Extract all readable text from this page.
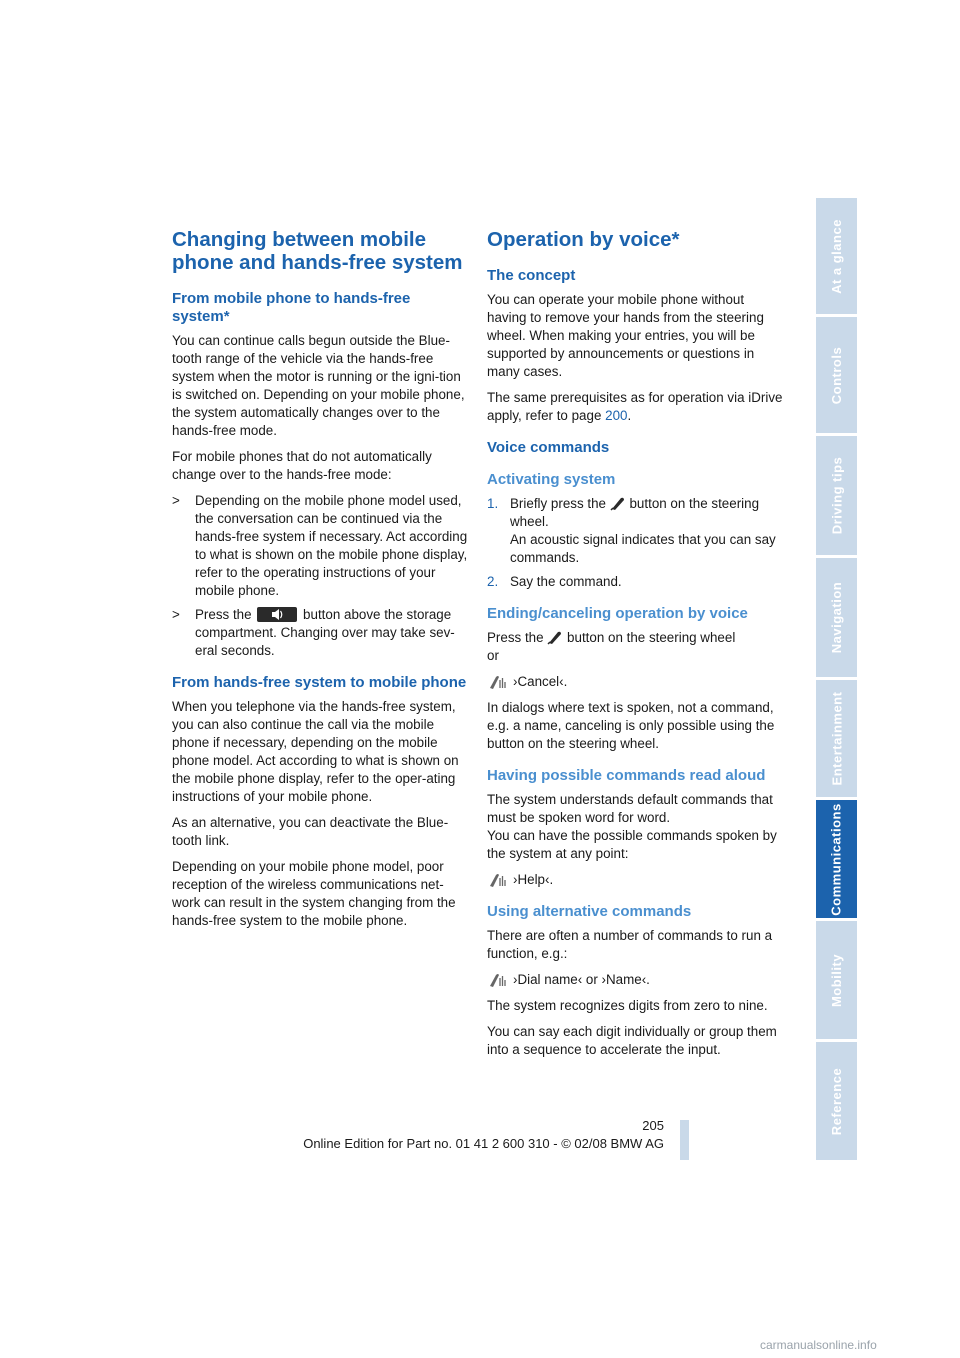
Changing between mobile phone and hands-free system
From mobile phone to hands-free system*

You can continue calls begun outside the Blue-tooth range of the vehicle via the hands-free system when the motor is running or the igni-tion is switched on. Depending on your mobile phone, the system automatically changes over to the hands-free mode.

For mobile phones that do not automatically change over to the hands-free mode:

> Depending on the mobile phone model used, the conversation can be continued via the hands-free system if necessary. Act according to what is shown on the mobile phone display, refer to the operating instructions of your mobile phone.
> Press the	button above the storage compartment. Changing over may take sev-eral seconds.
From hands-free system to mobile phone

When you telephone via the hands-free system, you can also continue the call via the mobile phone if necessary, depending on the mobile phone model. Act according to what is shown on the mobile phone display, refer to the oper-ating instructions of your mobile phone.

As an alternative, you can deactivate the Blue-tooth link.

Depending on your mobile phone model, poor reception of the wireless communications net-work can result in the system changing from the hands-free system to the mobile phone.

Operation by voice*
The concept

You can operate your mobile phone without having to remove your hands from the steering wheel. When making your entries, you will be supported by announcements or questions in many cases.

The same prerequisites as for operation via iDrive apply, refer to page 200.

Voice commands
Activating system
1. Briefly press the button on the steering wheel.
An acoustic signal indicates that you can say commands.
2. Say the command.
Ending/canceling operation by voice

Press the button on the steering wheel
or

›Cancel‹.

In dialogs where text is spoken, not a command, e.g. a name, canceling is only possible using the button on the steering wheel.

Having possible commands read aloud

The system understands default commands that must be spoken word for word.

You can have the possible commands spoken by the system at any point:

›Help‹.
Using alternative commands

There are often a number of commands to run a function, e.g.:

›Dial name‹ or ›Name‹.

The system recognizes digits from zero to nine.

You can say each digit individually or group them into a sequence to accelerate the input.

At a glance
Controls
Driving tips
Navigation
Entertainment
Communications
Mobility
Reference
205
Online Edition for Part no. 01 41 2 600 310 - © 02/08 BMW AG
carmanualsonline.info
